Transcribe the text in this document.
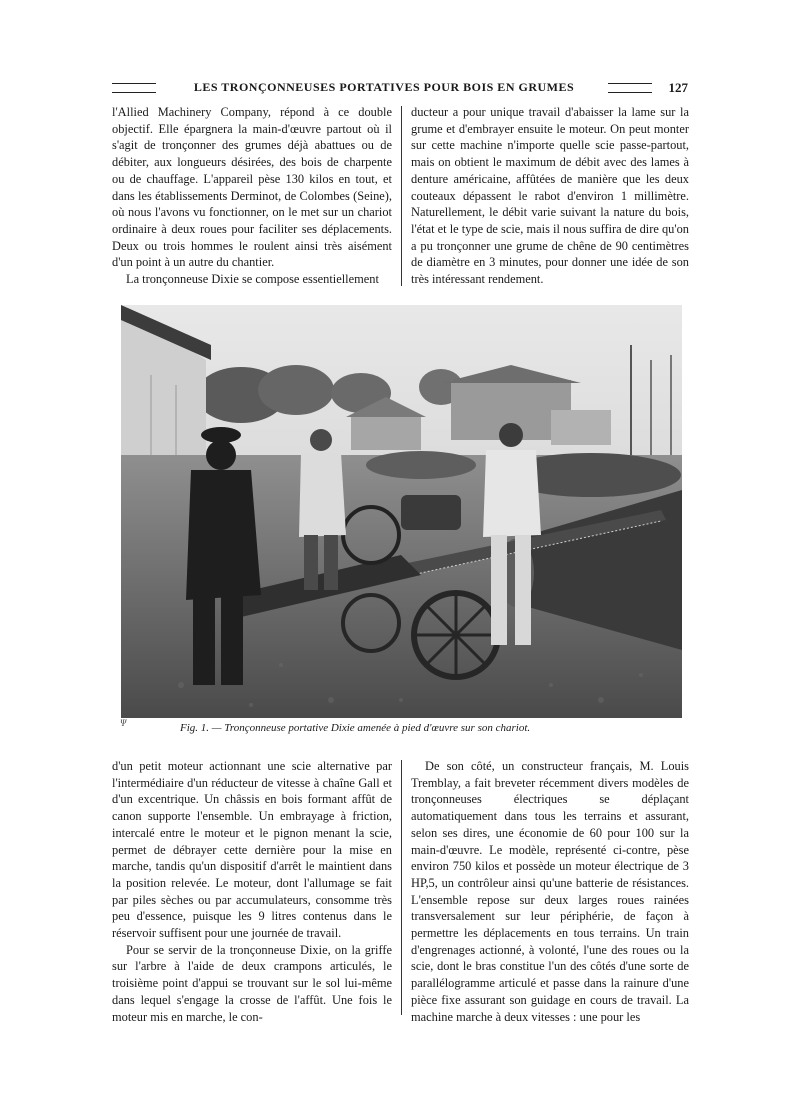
LES TRONÇONNEUSES PORTATIVES POUR BOIS EN GRUMES	127

l'Allied Machinery Company, répond à ce double objectif. Elle épargnera la main-d'œuvre partout où il s'agit de tronçonner des grumes déjà abattues ou de débiter, aux longueurs désirées, des bois de charpente ou de chauffage. L'appareil pèse 130 kilos en tout, et dans les établissements Derminot, de Colombes (Seine), où nous l'avons vu fonctionner, on le met sur un chariot ordinaire à deux roues pour faciliter ses déplacements. Deux ou trois hommes le roulent ainsi très aisément d'un point à un autre du chantier.

La tronçonneuse Dixie se compose essentiellement

ducteur a pour unique travail d'abaisser la lame sur la grume et d'embrayer ensuite le moteur. On peut monter sur cette machine n'importe quelle scie passe-partout, mais on obtient le maximum de débit avec des lames à denture américaine, affûtées de manière que les deux couteaux dépassent le rabot d'environ 1 millimètre. Naturellement, le débit varie suivant la nature du bois, l'état et le type de scie, mais il nous suffira de dire qu'on a pu tronçonner une grume de chêne de 90 centimètres de diamètre en 3 minutes, pour donner une idée de son très intéressant rendement.

Ψ	Fig. 1. — Tronçonneuse portative Dixie amenée à pied d'œuvre sur son chariot.

d'un petit moteur actionnant une scie alternative par l'intermédiaire d'un réducteur de vitesse à chaîne Gall et d'un excentrique. Un châssis en bois formant affût de canon supporte l'ensemble. Un embrayage à friction, intercalé entre le moteur et le pignon menant la scie, permet de débrayer cette dernière pour la mise en marche, tandis qu'un dispositif d'arrêt le maintient dans la position relevée. Le moteur, dont l'allumage se fait par piles sèches ou par accumulateurs, consomme très peu d'essence, puisque les 9 litres contenus dans le réservoir suffisent pour une journée de travail.

Pour se servir de la tronçonneuse Dixie, on la griffe sur l'arbre à l'aide de deux crampons articulés, le troisième point d'appui se trouvant sur le sol lui-même dans lequel s'engage la crosse de l'affût. Une fois le moteur mis en marche, le con-

De son côté, un constructeur français, M. Louis Tremblay, a fait breveter récemment divers modèles de tronçonneuses électriques se déplaçant automatiquement dans tous les terrains et assurant, selon ses dires, une économie de 60 pour 100 sur la main-d'œuvre. Le modèle, représenté ci-contre, pèse environ 750 kilos et possède un moteur électrique de 3 HP,5, un contrôleur ainsi qu'une batterie de résistances. L'ensemble repose sur deux larges roues rainées transversalement sur leur périphérie, de façon à permettre les déplacements en tous terrains. Un train d'engrenages actionné, à volonté, l'une des roues ou la scie, dont le bras constitue l'un des côtés d'une sorte de parallélogramme articulé et passe dans la rainure d'une pièce fixe assurant son guidage en cours de travail. La machine marche à deux vitesses : une pour les
